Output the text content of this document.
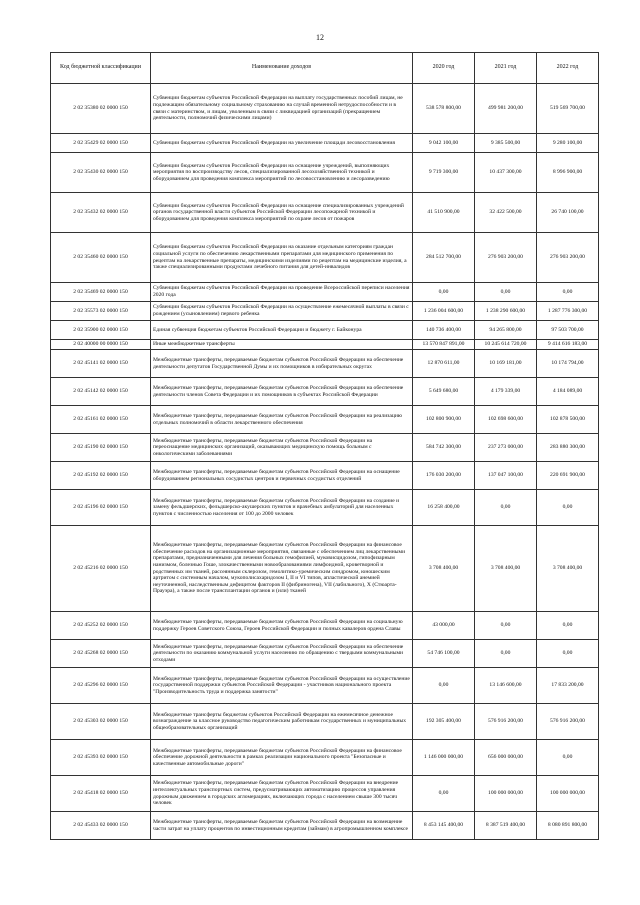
12
Код бюджетной классификации	Наименование доходов	2020 год	2021 год	2022 год
2 02 35380 02 0000 150	Субвенции бюджетам субъектов Российской Федерации на выплату государственных пособий лицам, не подлежащим обязательному социальному страхованию на случай временной нетрудоспособности и в связи с материнством, и лицам, уволенным в связи с ликвидацией организаций (прекращением деятельности, полномочий физическими лицами)	538 578 800,00	499 981 200,00	519 569 700,00
2 02 35429 02 0000 150	Субвенции бюджетам субъектов Российской Федерации на увеличение площади лесовосстановления	9 042 100,00	9 385 500,00	9 280 100,00
2 02 35430 02 0000 150	Субвенции бюджетам субъектов Российской Федерации на оснащение учреждений, выполняющих мероприятия по воспроизводству лесов, специализированной лесохозяйственной техникой и оборудованием для проведения комплекса мероприятий по лесовосстановлению и лесоразведению	9 719 300,00	10 437 300,00	8 996 900,00
2 02 35432 02 0000 150	Субвенции бюджетам субъектов Российской Федерации на оснащение специализированных учреждений органов государственной власти субъектов Российской Федерации лесопожарной техникой и оборудованием для проведения комплекса мероприятий по охране лесов от пожаров	41 510 900,00	32 422 500,00	26 740 100,00
2 02 35460 02 0000 150	Субвенции бюджетам субъектов Российской Федерации на оказание отдельным категориям граждан социальной услуги по обеспечению лекарственными препаратами для медицинского применения по рецептам на лекарственные препараты, медицинскими изделиями по рецептам на медицинские изделия, а также специализированными продуктами лечебного питания для детей-инвалидов	284 512 700,00	276 903 200,00	276 903 200,00
2 02 35469 02 0000 150	Субвенции бюджетам субъектов Российской Федерации на проведение Всероссийской переписи населения 2020 года	0,00	0,00	0,00
2 02 35573 02 0000 150	Субвенции бюджетам субъектов Российской Федерации на осуществление ежемесячной выплаты в связи с рождением (усыновлением) первого ребенка	1 236 004 600,00	1 238 290 600,00	1 287 776 300,00
2 02 35900 02 0000 150	Единая субвенция бюджетам субъектов Российской Федерации и бюджету г. Байконура	140 736 400,00	94 265 800,00	97 503 700,00
2 02 40000 00 0000 150	Иные межбюджетные трансферты	13 570 847 891,00	10 245 614 720,00	9 414 616 183,00
2 02 45141 02 0000 150	Межбюджетные трансферты, передаваемые бюджетам субъектов Российской Федерации на обеспечение деятельности депутатов Государственной Думы и их помощников в избирательных округах	12 870 611,00	10 169 181,00	10 174 794,00
2 02 45142 02 0000 150	Межбюджетные трансферты, передаваемые бюджетам субъектов Российской Федерации на обеспечение деятельности членов Совета Федерации и их помощников в субъектах Российской Федерации	5 649 680,00	4 179 339,00	4 184 089,00
2 02 45161 02 0000 150	Межбюджетные трансферты, передаваемые бюджетам субъектов Российской Федерации на реализацию отдельных полномочий в области лекарственного обеспечения	102 800 900,00	102 698 600,00	102 878 500,00
2 02 45190 02 0000 150	Межбюджетные трансферты, передаваемые бюджетам субъектов Российской Федерации на переоснащение медицинских организаций, оказывающих медицинскую помощь больным с онкологическими заболеваниями	584 742 300,00	237 273 000,00	283 880 300,00
2 02 45192 02 0000 150	Межбюджетные трансферты, передаваемые бюджетам субъектов Российской Федерации на оснащение оборудованием региональных сосудистых центров и первичных сосудистых отделений	176 030 200,00	137 047 100,00	220 691 900,00
2 02 45196 02 0000 150	Межбюджетные трансферты, передаваемые бюджетам субъектов Российской Федерации на создание и замену фельдшерских, фельдшерско-акушерских пунктов и врачебных амбулаторий для населенных пунктов с численностью населения от 100 до 2000 человек	16 258 400,00	0,00	0,00
2 02 45216 02 0000 150	Межбюджетные трансферты, передаваемые бюджетам субъектов Российской Федерации на финансовое обеспечение расходов на организационные мероприятия, связанные с обеспечением лиц лекарственными препаратами, предназначенными для лечения больных гемофилией, муковисцидозом, гипофизарным нанизмом, болезнью Гоше, злокачественными новообразованиями лимфоидной, кроветворной и родственных им тканей, рассеянным склерозом, гемолитико-уремическим синдромом, юношеским артритом с системным началом, мукополисахаридозом I, II и VI типов, апластической анемией неуточненной, наследственным дефицитом факторов II (фибриногена), VII (лабильного), X (Стюарта-Прауэра), а также после трансплантации органов и (или) тканей	3 708 400,00	3 708 400,00	3 708 400,00
2 02 45252 02 0000 150	Межбюджетные трансферты, передаваемые бюджетам субъектов Российской Федерации на социальную поддержку Героев Советского Союза, Героев Российской Федерации и полных кавалеров ордена Славы	43 000,00	0,00	0,00
2 02 45268 02 0000 150	Межбюджетные трансферты, передаваемые бюджетам субъектов Российской Федерации на обеспечение деятельности по оказанию коммунальной услуги населению по обращению с твердыми коммунальными отходами	54 746 100,00	0,00	0,00
2 02 45296 02 0000 150	Межбюджетные трансферты, передаваемые бюджетам субъектов Российской Федерации на осуществление государственной поддержки субъектов Российской Федерации - участников национального проекта "Производительность труда и поддержка занятости"	0,00	13 146 600,00	17 833 200,00
2 02 45303 02 0000 150	Межбюджетные трансферты бюджетам субъектов Российской Федерации на ежемесячное денежное вознаграждение за классное руководство педагогическим работникам государственных и муниципальных общеобразовательных организаций	192 305 400,00	576 916 200,00	576 916 200,00
2 02 45393 02 0000 150	Межбюджетные трансферты, передаваемые бюджетам субъектов Российской Федерации на финансовое обеспечение дорожной деятельности в рамках реализации национального проекта "Безопасные и качественные автомобильные дороги"	1 146 000 000,00	656 000 000,00	0,00
2 02 45418 02 0000 150	Межбюджетные трансферты, передаваемые бюджетам субъектов Российской Федерации на внедрение интеллектуальных транспортных систем, предусматривающих автоматизацию процессов управления дорожным движением в городских агломерациях, включающих города с населением свыше 300 тысяч человек	0,00	100 000 000,00	100 000 000,00
2 02 45433 02 0000 150	Межбюджетные трансферты, передаваемые бюджетам субъектов Российской Федерации на возмещение части затрат на уплату процентов по инвестиционным кредитам (займам) в агропромышленном комплексе	8 453 145 400,00	8 387 519 400,00	8 080 891 800,00
